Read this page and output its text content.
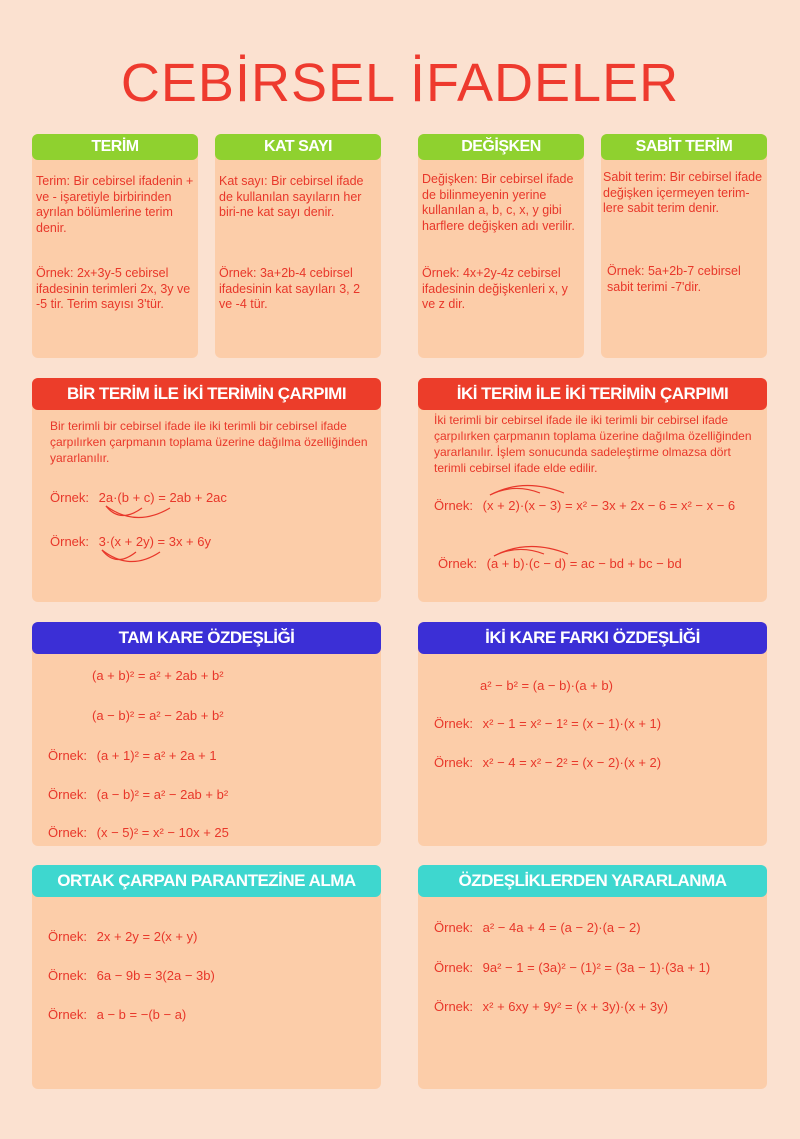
CEBİRSEL İFADELER
TERİM
Terim: Bir cebirsel ifadenin + ve - işaretiyle birbirinden ayrılan bölümlerine terim denir.
Örnek: 2x+3y-5 cebirsel ifadesinin terimleri 2x, 3y ve -5 tir. Terim sayısı 3'tür.
KAT SAYI
Kat sayı: Bir cebirsel ifade de kullanılan sayıların her biri-ne kat sayı denir.
Örnek: 3a+2b-4 cebirsel ifadesinin kat sayıları 3, 2 ve -4 tür.
DEĞİŞKEN
Değişken: Bir cebirsel ifade de bilinmeyenin yerine kullanılan a, b, c, x, y gibi harflere değişken adı verilir.
Örnek: 4x+2y-4z cebirsel ifadesinin değişkenleri x, y ve z dir.
SABİT TERİM
Sabit terim: Bir cebirsel ifade değişken içermeyen terim-lere sabit terim denir.
Örnek: 5a+2b-7 cebirsel sabit terimi -7'dir.
BİR TERİM İLE İKİ TERİMİN ÇARPIMI
Bir terimli bir cebirsel ifade ile iki terimli bir cebirsel ifade çarpılırken çarpmanın toplama üzerine dağılma özelliğinden yararlanılır.
Örnek: 2a·(b + c) = 2ab + 2ac
Örnek: 3·(x + 2y) = 3x + 6y
İKİ TERİM İLE İKİ TERİMİN ÇARPIMI
İki terimli bir cebirsel ifade ile iki terimli bir cebirsel ifade çarpılırken çarpmanın toplama üzerine dağılma özelliğinden yararlanılır. İşlem sonucunda sadeleştirme olmazsa dört terimli cebirsel ifade elde edilir.
Örnek: (x + 2)·(x − 3) = x² − 3x + 2x − 6 = x² − x − 6
Örnek: (a + b)·(c − d) = ac − bd + bc − bd
TAM KARE ÖZDEŞLİĞİ
(a + b)² = a² + 2ab + b²
(a − b)² = a² − 2ab + b²
Örnek: (a + 1)² = a² + 2a + 1
Örnek: (a − b)² = a² − 2ab + b²
Örnek: (x − 5)² = x² − 10x + 25
İKİ KARE FARKI ÖZDEŞLİĞİ
a² − b² = (a − b)·(a + b)
Örnek: x² − 1 = x² − 1² = (x − 1)·(x + 1)
Örnek: x² − 4 = x² − 2² = (x − 2)·(x + 2)
ORTAK ÇARPAN PARANTEZİNE ALMA
Örnek: 2x + 2y = 2(x + y)
Örnek: 6a − 9b = 3(2a − 3b)
Örnek: a − b = −(b − a)
ÖZDEŞLİKLERDEN YARARLANMA
Örnek: a² − 4a + 4 = (a − 2)·(a − 2)
Örnek: 9a² − 1 = (3a)² − (1)² = (3a − 1)·(3a + 1)
Örnek: x² + 6xy + 9y² = (x + 3y)·(x + 3y)
